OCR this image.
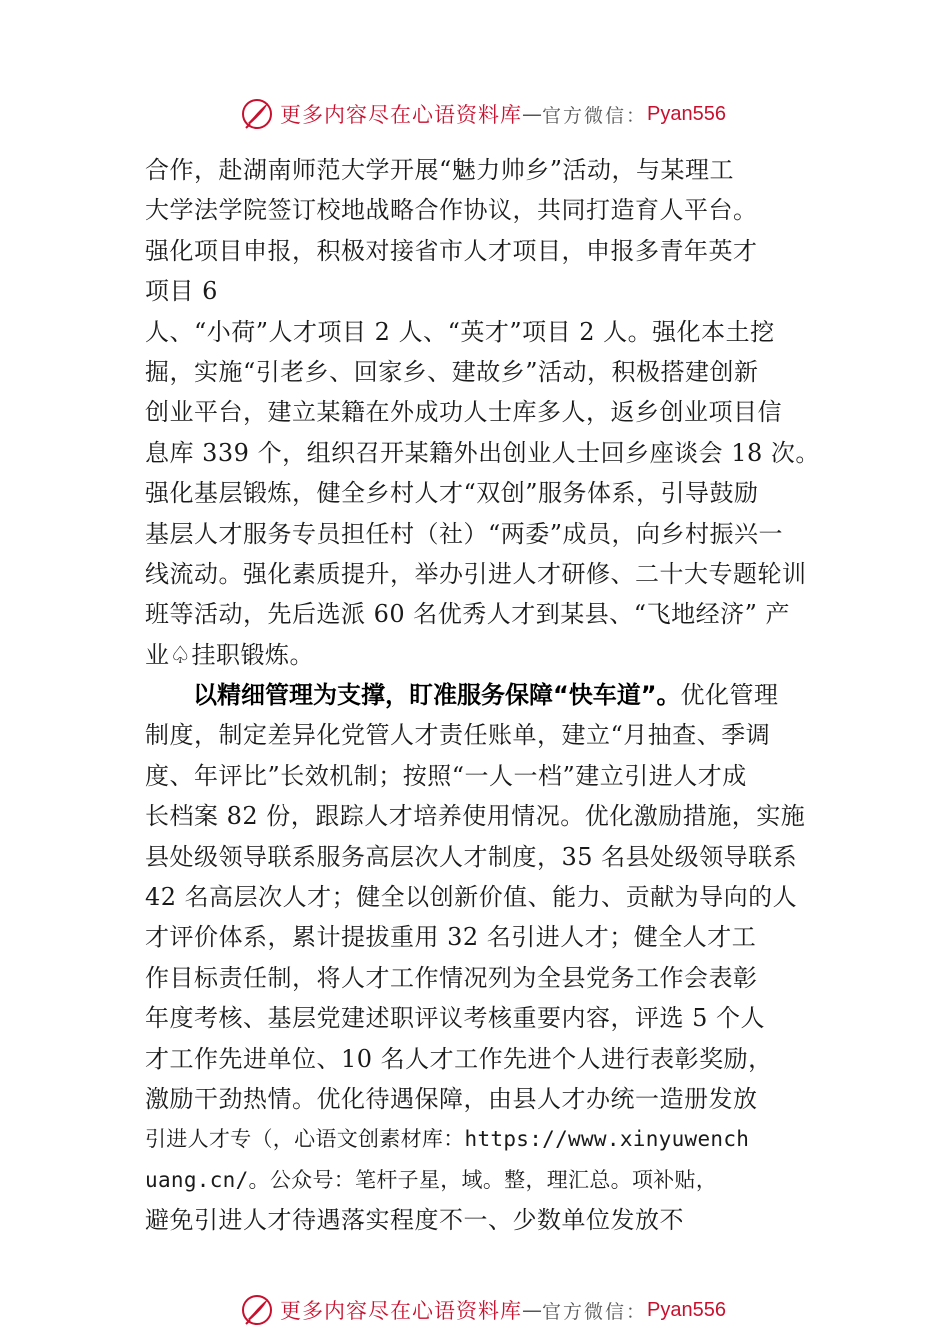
更多内容尽在心语资料库 — 官方微信： Pyan556
合作，赴湖南师范大学开展“魅力帅乡”活动，与某理工
大学法学院签订校地战略合作协议，共同打造育人平台。
强化项目申报，积极对接省市人才项目，申报多青年英才
项目 6
人、“小荷”人才项目 2 人、“英才”项目 2 人。强化本土挖
掘，实施“引老乡、回家乡、建故乡”活动，积极搭建创新
创业平台，建立某籍在外成功人士库多人，返乡创业项目信
息库 339 个，组织召开某籍外出创业人士回乡座谈会 18 次。
强化基层锻炼，健全乡村人才“双创”服务体系，引导鼓励
基层人才服务专员担任村（社）“两委”成员，向乡村振兴一
线流动。强化素质提升，举办引进人才研修、二十大专题轮训
班等活动，先后选派 60 名优秀人才到某县、“飞地经济” 产
业♤挂职锻炼。
以精细管理为支撑，盯准服务保障“快车道”。优化管理
制度，制定差异化党管人才责任账单，建立“月抽查、季调
度、年评比”长效机制；按照“一人一档”建立引进人才成
长档案 82 份，跟踪人才培养使用情况。优化激励措施，实施
县处级领导联系服务高层次人才制度，35 名县处级领导联系
42 名高层次人才；健全以创新价值、能力、贡献为导向的人
才评价体系，累计提拔重用 32 名引进人才；健全人才工
作目标责任制，将人才工作情况列为全县党务工作会表彰
年度考核、基层党建述职评议考核重要内容，评选 5 个人
才工作先进单位、10 名人才工作先进个人进行表彰奖励，
激励干劲热情。优化待遇保障，由县人才办统一造册发放
引进人才专（，心语文创素材库：https://www.xinyuwench
uang.cn/。公众号：笔杆子星，域。整，理汇总。项补贴，
避免引进人才待遇落实程度不一、少数单位发放不
更多内容尽在心语资料库 — 官方微信： Pyan556
